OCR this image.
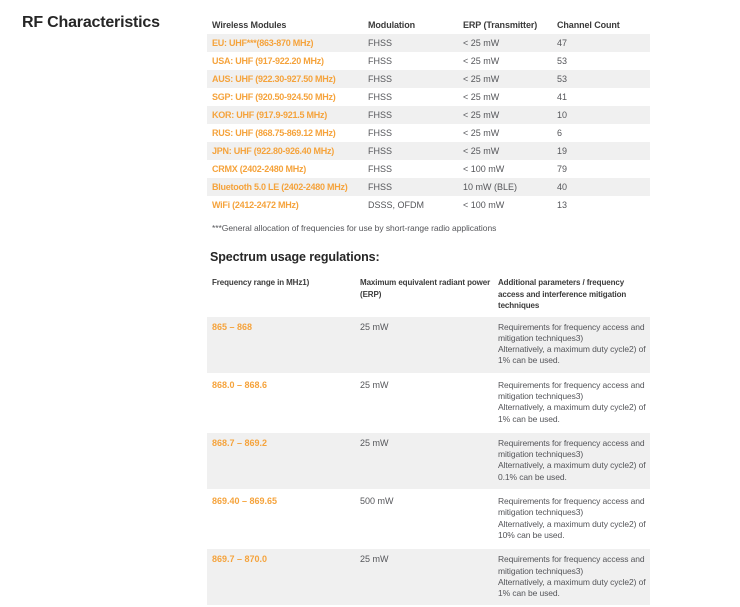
RF Characteristics	Wireless Modules	Modulation	ERP (Transmitter)	Channel Count
EU: UHF***(863-870 MHz)	FHSS	< 25 mW	47
USA: UHF (917-922.20 MHz)	FHSS	< 25 mW	53
AUS: UHF (922.30-927.50 MHz)	FHSS	< 25 mW	53
SGP: UHF (920.50-924.50 MHz)	FHSS	< 25 mW	41
KOR: UHF (917.9-921.5 MHz)	FHSS	< 25 mW	10
RUS: UHF (868.75-869.12 MHz)	FHSS	< 25 mW	6
JPN: UHF (922.80-926.40 MHz)	FHSS	< 25 mW	19
CRMX (2402-2480 MHz)	FHSS	< 100 mW	79
Bluetooth 5.0 LE (2402-2480 MHz)	FHSS	10 mW (BLE)	40
WiFi (2412-2472 MHz)	DSSS, OFDM	< 100 mW	13

***General allocation of frequencies for use by short-range radio applications

Spectrum usage regulations:
Frequency range in MHz1)	Maximum equivalent radiant power
(ERP)
Additional parameters / frequency
access and interference mitigation
techniques
865 – 868	25 mW	Requirements for frequency access and
mitigation techniques3)
Alternatively, a maximum duty cycle2) of
1% can be used.
868.0 – 868.6	25 mW	Requirements for frequency access and
mitigation techniques3)
Alternatively, a maximum duty cycle2) of
1% can be used.
868.7 – 869.2	25 mW	Requirements for frequency access and
mitigation techniques3)
Alternatively, a maximum duty cycle2) of
0.1% can be used.
869.40 – 869.65	500 mW	Requirements for frequency access and
mitigation techniques3)
Alternatively, a maximum duty cycle2) of
10% can be used.
869.7 – 870.0	25 mW	Requirements for frequency access and
mitigation techniques3)
Alternatively, a maximum duty cycle2) of
1% can be used.
